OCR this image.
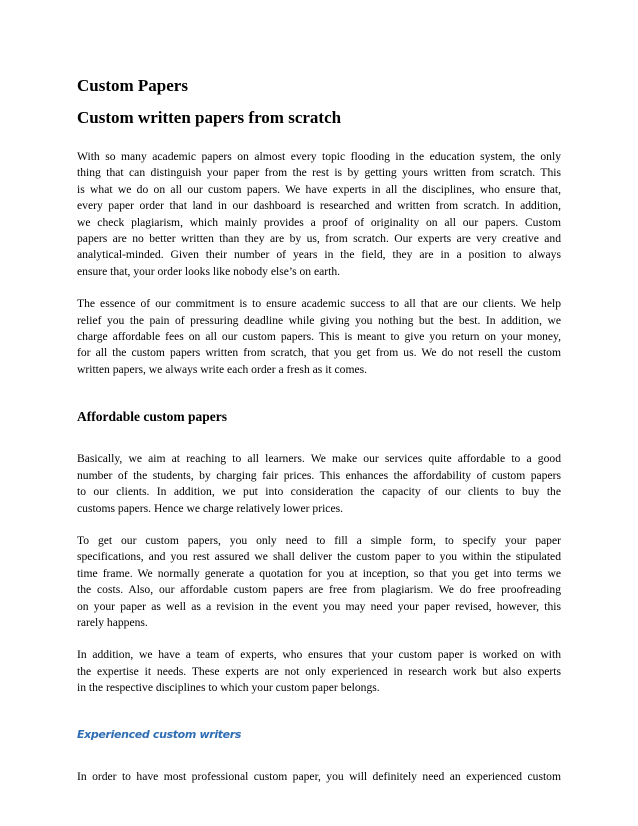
Custom Papers
Custom written papers from scratch
With so many academic papers on almost every topic flooding in the education system, the only
thing that can distinguish your paper from the rest is by getting yours written from scratch. This
is what we do on all our custom papers. We have experts in all the disciplines, who ensure that,
every paper order that land in our dashboard is researched and written from scratch. In addition,
we check plagiarism, which mainly provides a proof of originality on all our papers. Custom
papers are no better written than they are by us, from scratch. Our experts are very creative and
analytical-minded. Given their number of years in the field, they are in a position to always
ensure that, your order looks like nobody else’s on earth.
The essence of our commitment is to ensure academic success to all that are our clients. We help
relief you the pain of pressuring deadline while giving you nothing but the best. In addition, we
charge affordable fees on all our custom papers. This is meant to give you return on your money,
for all the custom papers written from scratch, that you get from us. We do not resell the custom
written papers, we always write each order a fresh as it comes.
Affordable custom papers
Basically, we aim at reaching to all learners. We make our services quite affordable to a good
number of the students, by charging fair prices. This enhances the affordability of custom papers
to our clients. In addition, we put into consideration the capacity of our clients to buy the
customs papers. Hence we charge relatively lower prices.
To get our custom papers, you only need to fill a simple form, to specify your paper
specifications, and you rest assured we shall deliver the custom paper to you within the stipulated
time frame. We normally generate a quotation for you at inception, so that you get into terms we
the costs. Also, our affordable custom papers are free from plagiarism. We do free proofreading
on your paper as well as a revision in the event you may need your paper revised, however, this
rarely happens.
In addition, we have a team of experts, who ensures that your custom paper is worked on with
the expertise it needs. These experts are not only experienced in research work but also experts
in the respective disciplines to which your custom paper belongs.
Experienced custom writers
In order to have most professional custom paper, you will definitely need an experienced custom
